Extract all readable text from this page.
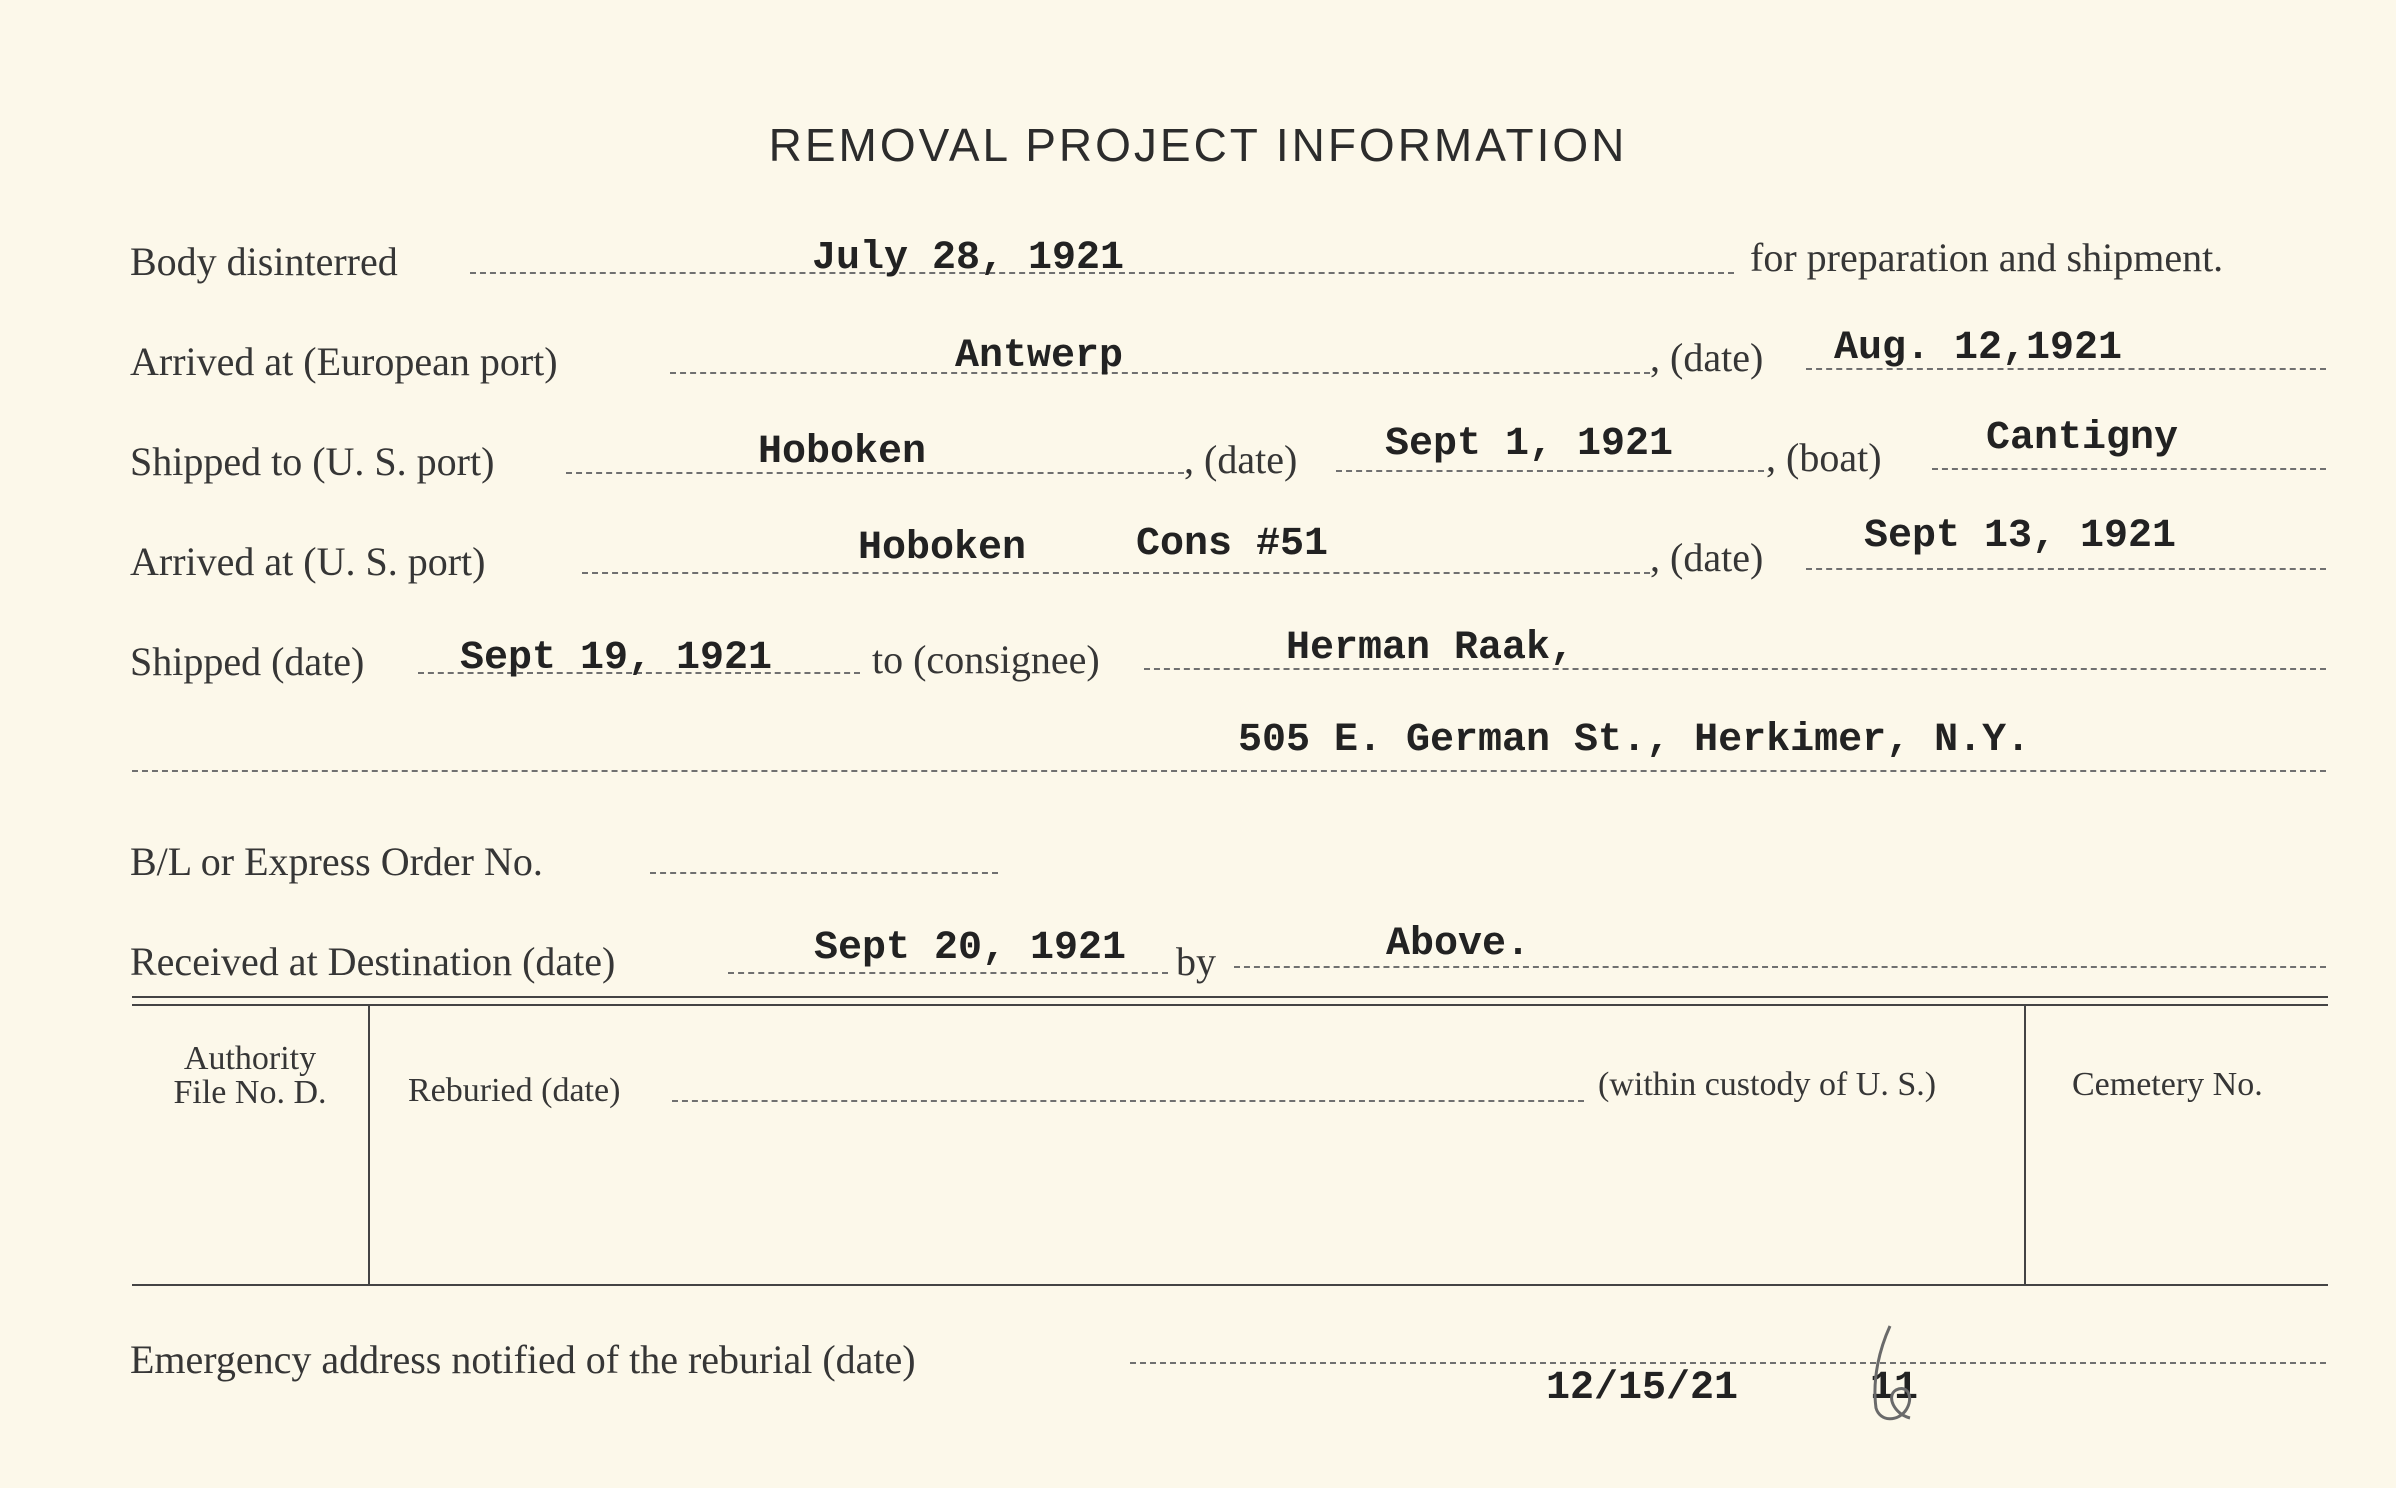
REMOVAL PROJECT INFORMATION
Body disinterred	July 28, 1921	for preparation and shipment.
Arrived at (European port)	Antwerp	, (date) Aug. 12,1921
Shipped to (U. S. port)	Hoboken	, (date) Sept 1, 1921 , (boat)	Cantigny
Arrived at (U. S. port)	Hoboken	Cons #51	, (date)	Sept 13, 1921
Shipped (date) Sept 19, 1921 to (consignee)	Herman Raak,
505 E. German St., Herkimer, N.Y.
B/L or Express Order No.
Received at Destination (date)	Sept 20, 1921 by	Above.
Authority
File No. D.	Reburied (date)	(within custody of U. S.)	Cemetery No.
Emergency address notified of the reburial (date)
12/15/21	11
